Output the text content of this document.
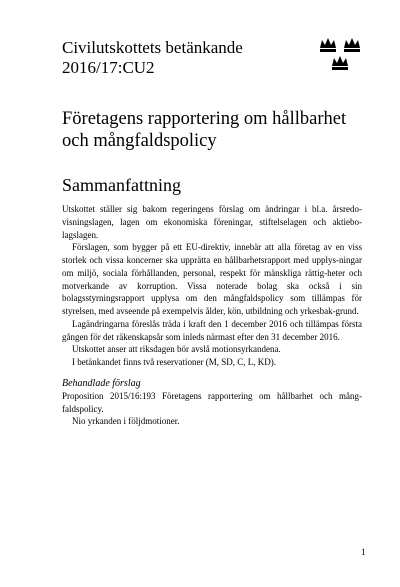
Civilutskottets betänkande
2016/17:CU2
Företagens rapportering om hållbarhet
och mångfaldspolicy
Sammanfattning

Utskottet ställer sig bakom regeringens förslag om ändringar i bl.a. årsredo-visningslagen, lagen om ekonomiska föreningar, stiftelselagen och aktiebo-lagslagen.

Förslagen, som bygger på ett EU-direktiv, innebär att alla företag av en viss storlek och vissa koncerner ska upprätta en hållbarhetsrapport med upplys-ningar om miljö, sociala förhållanden, personal, respekt för mänskliga rättig-heter och motverkande av korruption. Vissa noterade bolag ska också i sin bolagsstyrningsrapport upplysa om den mångfaldspolicy som tillämpas för styrelsen, med avseende på exempelvis ålder, kön, utbildning och yrkesbak-grund.

Lagändringarna föreslås träda i kraft den 1 december 2016 och tillämpas första gången för det räkenskapsår som inleds närmast efter den 31 december 2016.

Utskottet anser att riksdagen bör avslå motionsyrkandena.

I betänkandet finns två reservationer (M, SD, C, L, KD).

Behandlade förslag

Proposition 2015/16:193 Företagens rapportering om hållbarhet och mång-faldspolicy.

Nio yrkanden i följdmotioner.

1
